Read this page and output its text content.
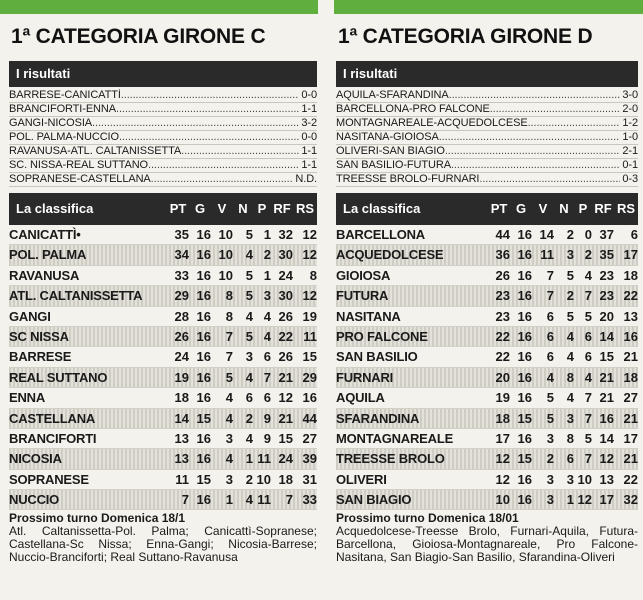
1ª CATEGORIA GIRONE C
I risultati
BARRESE-CANICATTÌ .....	0-0
BRANCIFORTI-ENNA .....	1-1
GANGI-NICOSIA .....	3-2
POL. PALMA-NUCCIO .....	0-0
RAVANUSA-ATL. CALTANISSETTA .....	1-1
SC. NISSA-REAL SUTTANO .....	1-1
SOPRANESE-CASTELLANA .....	N.D.
La classifica	PT G V N P RF RS
CANICATTÌ•	35 16 10 5 1 32 12
POL. PALMA	34 16 10 4 2 30 12
RAVANUSA	33 16 10 5 1 24	8
ATL. CALTANISSETTA	29 16	8 5 3 30 12
GANGI	28 16	8 4 4 26 19
SC NISSA	26 16	7 5 4 22 11
BARRESE	24 16	7 3 6 26 15
REAL SUTTANO	19 16	5 4 7 21 29
ENNA	18 16	4 6 6 12 16
CASTELLANA	14 15	4 2 9 21 44
BRANCIFORTI	13 16	3 4 9 15 27
NICOSIA	13 16	4 1 11 24 39
SOPRANESE	11 15	3 2 10 18 31
NUCCIO	7 16	1 4 11	7 33
Prossimo turno Domenica 18/1
Atl. Caltanissetta-Pol. Palma; Canicattì-Sopranese; Castellana-Sc Nissa; Enna-Gangi; Nicosia-Barrese; Nuccio-Branciforti; Real Suttano-Ravanusa
1ª CATEGORIA GIRONE D
I risultati
AQUILA-SFARANDINA .....	3-0
BARCELLONA-PRO FALCONE .....	2-0
MONTAGNAREALE-ACQUEDOLCESE .....	1-2
NASITANA-GIOIOSA .....	1-0
OLIVERI-SAN BIAGIO .....	2-1
SAN BASILIO-FUTURA .....	0-1
TREESSE BROLO-FURNARI .....	0-3
La classifica	PT G V N P RF RS
BARCELLONA	44 16 14 2 0 37	6
ACQUEDOLCESE	36 16 11 3 2 35 17
GIOIOSA	26 16	7 5 4 23 18
FUTURA	23 16	7 2 7 23 22
NASITANA	23 16	6 5 5 20 13
PRO FALCONE	22 16	6 4 6 14 16
SAN BASILIO	22 16	6 4 6 15 21
FURNARI	20 16	4 8 4 21 18
AQUILA	19 16	5 4 7 21 27
SFARANDINA	18 15	5 3 7 16 21
MONTAGNAREALE	17 16	3 8 5 14 17
TREESSE BROLO	12 15	2 6 7 12 21
OLIVERI	12 16	3 3 10 13 22
SAN BIAGIO	10 16	3 1 12 17 32
Prossimo turno Domenica 18/01
Acquedolcese-Treesse Brolo, Furnari-Aquila, Futura-Barcellona, Gioiosa-Montagnareale, Pro Falcone-Nasitana, San Biagio-San Basilio, Sfarandina-Oliveri
